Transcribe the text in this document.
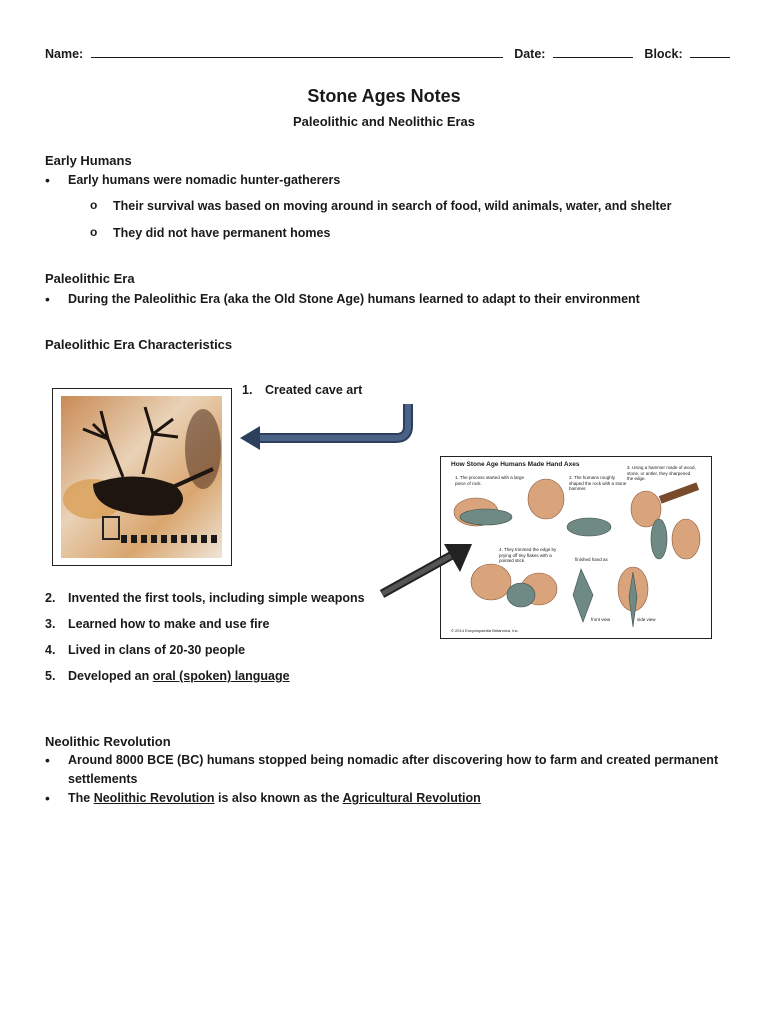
Name:	Date:	Block:
Stone Ages Notes
Paleolithic and Neolithic Eras
Early Humans
• Early humans were nomadic hunter-gatherers
o Their survival was based on moving around in search of food, wild animals, water, and shelter
o They did not have permanent homes
Paleolithic Era
• During the Paleolithic Era (aka the Old Stone Age) humans learned to adapt to their environment
Paleolithic Era Characteristics
1. Created cave art
How Stone Age Humans Made Hand Axes
1. The process started with a large piece of rock.
2. The humans roughly shaped the rock with a stone hammer.
3. Using a hammer made of wood, stone, or antler, they sharpened the edge.
4. They trimmed the edge by prying off tiny flakes with a pointed stick.	finished hand ax
front view	side view
© 2014 Encyclopaedia Britannica, Inc.
2. Invented the first tools, including simple weapons
3. Learned how to make and use fire
4. Lived in clans of 20-30 people
5. Developed an oral (spoken) language
Neolithic Revolution
• Around 8000 BCE (BC) humans stopped being nomadic after discovering how to farm and created permanent
settlements
• The Neolithic Revolution is also known as the Agricultural Revolution
